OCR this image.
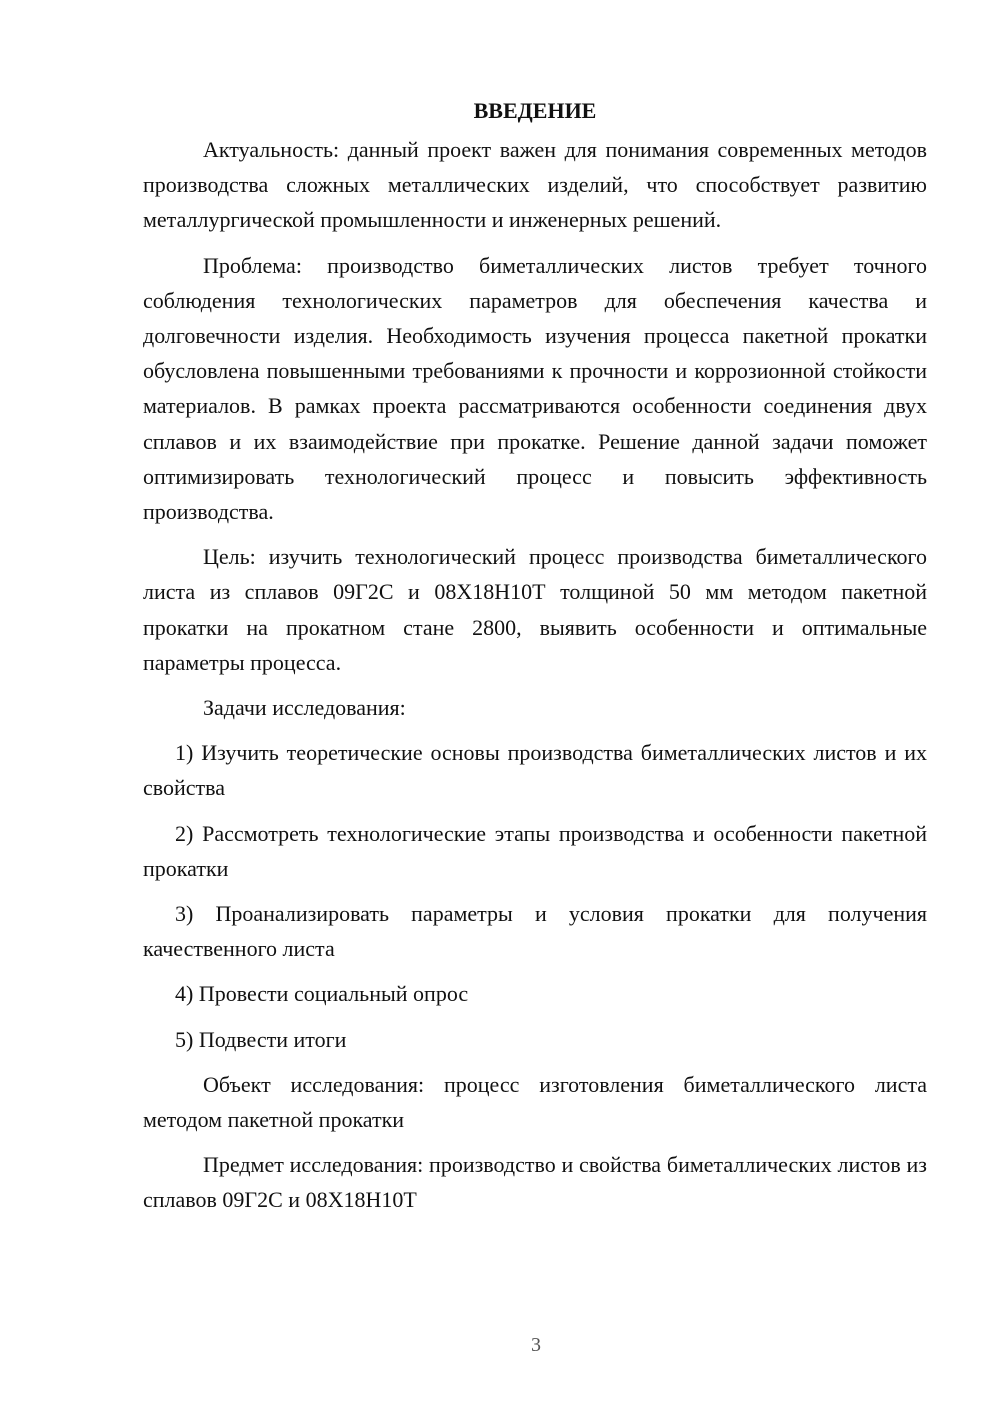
ВВЕДЕНИЕ

Актуальность: данный проект важен для понимания современных методов производства сложных металлических изделий, что способствует развитию металлургической промышленности и инженерных решений.

Проблема: производство биметаллических листов требует точного соблюдения технологических параметров для обеспечения качества и долговечности изделия. Необходимость изучения процесса пакетной прокатки обусловлена повышенными требованиями к прочности и коррозионной стойкости материалов. В рамках проекта рассматриваются особенности соединения двух сплавов и их взаимодействие при прокатке. Решение данной задачи поможет оптимизировать технологический процесс и повысить эффективность производства.

Цель: изучить технологический процесс производства биметаллического листа из сплавов 09Г2С и 08Х18Н10Т толщиной 50 мм методом пакетной прокатки на прокатном стане 2800, выявить особенности и оптимальные параметры процесса.

Задачи исследования:

1) Изучить теоретические основы производства биметаллических листов и их свойства

2) Рассмотреть технологические этапы производства и особенности пакетной прокатки

3) Проанализировать параметры и условия прокатки для получения качественного листа

4) Провести социальный опрос

5) Подвести итоги

Объект исследования: процесс изготовления биметаллического листа методом пакетной прокатки

Предмет исследования: производство и свойства биметаллических листов из сплавов 09Г2С и 08Х18Н10Т

3
